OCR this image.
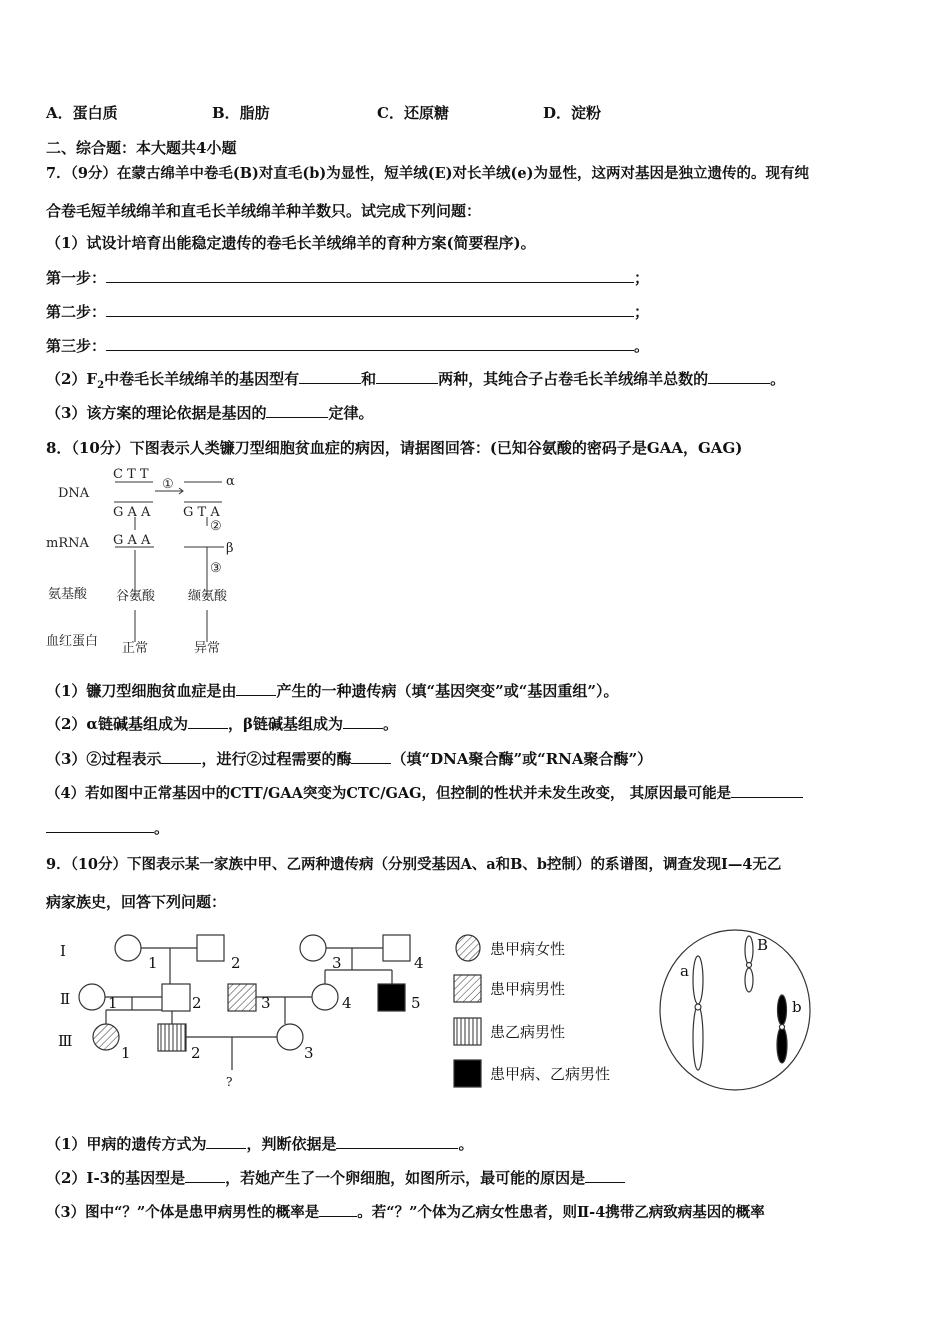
A．蛋白质	B．脂肪	C．还原糖	D．淀粉
二、综合题：本大题共4小题
7．（9分）在蒙古绵羊中卷毛(B)对直毛(b)为显性，短羊绒(E)对长羊绒(e)为显性，这两对基因是独立遗传的。现有纯
合卷毛短羊绒绵羊和直毛长羊绒绵羊种羊数只。试完成下列问题：
（1）试设计培育出能稳定遗传的卷毛长羊绒绵羊的育种方案(简要程序)。
第一步：	；
第二步：	；
第三步：	。
$(2)F_2$中卷毛长羊绒绵羊的基因型有	和	两种，其纯合子占卷毛长羊绒绵羊总数的	。
（3）该方案的理论依据是基因的	定律。
8．（10分）下图表示人类镰刀型细胞贫血症的病因，请据图回答：(已知谷氨酸的密码子是GAA，GAG)
DNA
mRNA
氨基酸
血红蛋白
C T T
G A A
G A A
G T A
①
②
③
α
β
谷氨酸	缬氨酸
正常	异常
（1）镰刀型细胞贫血症是由	产生的一种遗传病（填“基因突变”或“基因重组”）。
（2）α链碱基组成为	，β链碱基组成为	。
（3）②过程表示	，进行②过程需要的酶	（填“DNA聚合酶”或“RNA聚合酶”）
（4）若如图中正常基因中的CTT/GAA突变为CTC/GAG，但控制的性状并未发生改变， 其原因最可能是
。
9．（10分）下图表示某一家族中甲、乙两种遗传病（分别受基因A、a和B、b控制）的系谱图，调查发现Ⅰ—4无乙
病家族史，回答下列问题：
Ⅰ
Ⅱ
Ⅲ
1	2	3	4
1	2	3	4	5
1	2	3
?
患甲病女性
患甲病男性
患乙病男性
患甲病、乙病男性
a
B
b
（1）甲病的遗传方式为	，判断依据是	。
（2）Ⅰ-3的基因型是	，若她产生了一个卵细胞，如图所示，最可能的原因是
（3）图中“？”个体是患甲病男性的概率是	。若“？”个体为乙病女性患者，则Ⅱ-4携带乙病致病基因的概率
